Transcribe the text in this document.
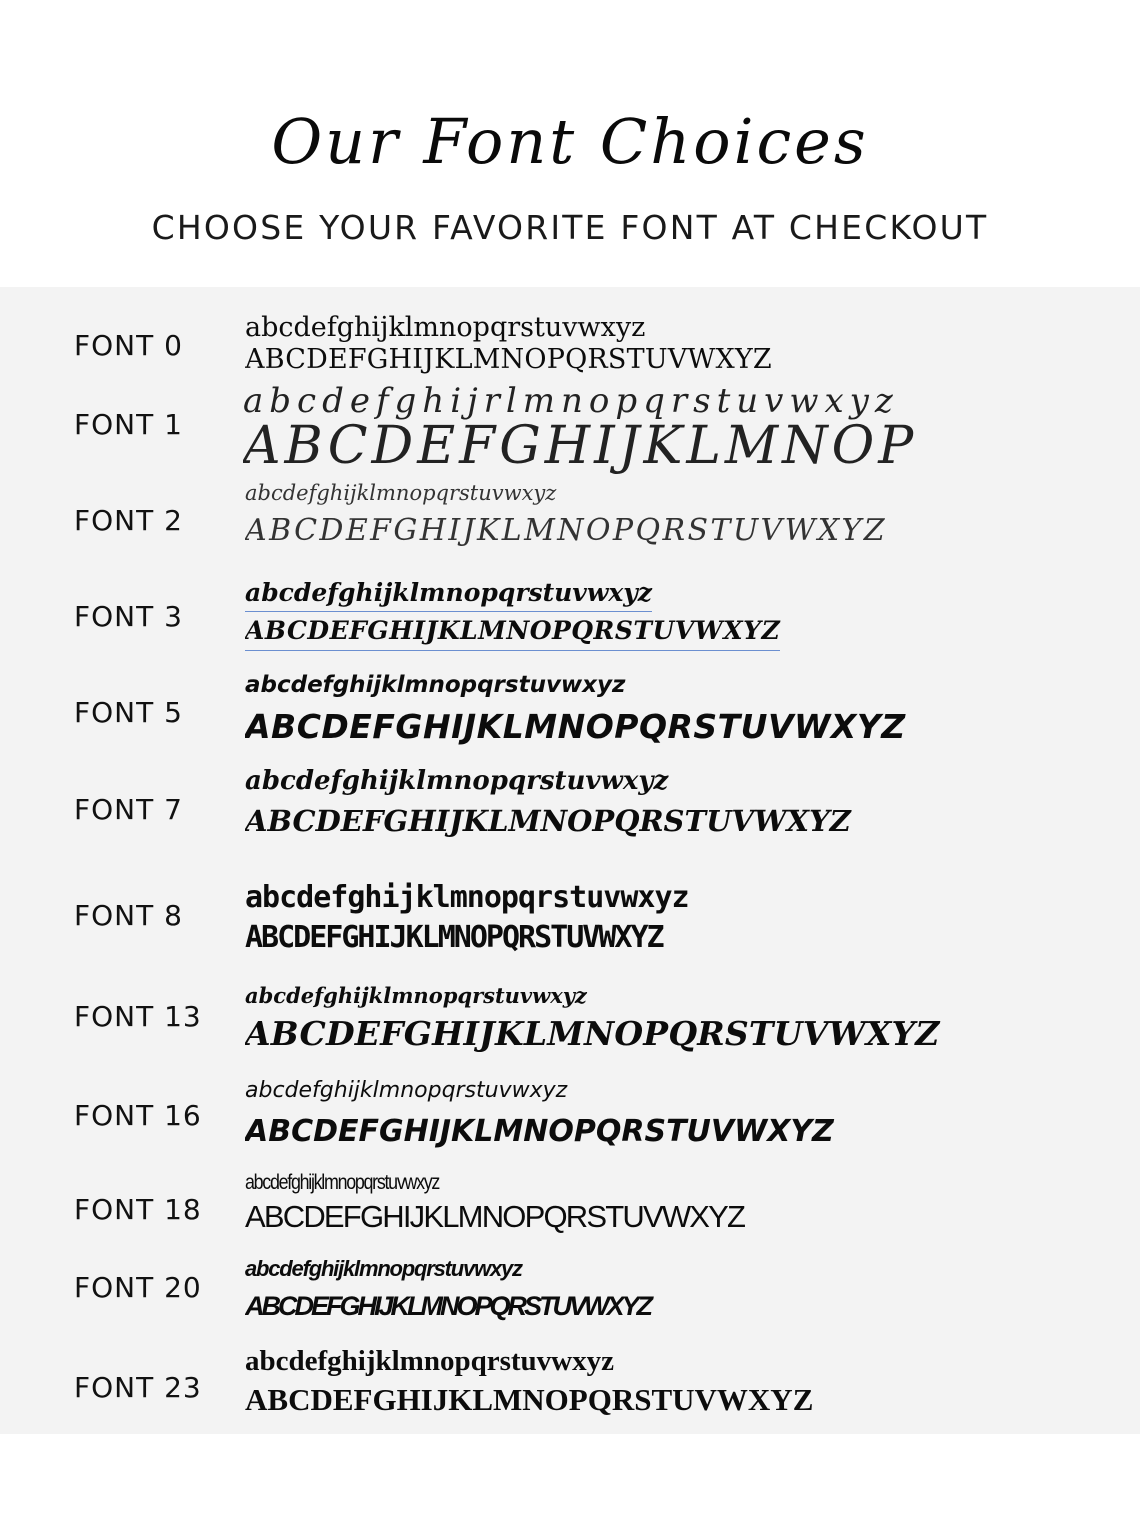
Our Font Choices
CHOOSE YOUR FAVORITE FONT AT CHECKOUT
FONT 0
abcdefghijklmnopqrstuvwxyz
ABCDEFGHIJKLMNOPQRSTUVWXYZ
FONT 1
abcdefghijrlmnopqrstuvwxyz
ABCDEFGHIJKLMNOP
FONT 2
abcdefghijklmnopqrstuvwxyz
ABCDEFGHIJKLMNOPQRSTUVWXYZ
FONT 3
abcdefghijklmnopqrstuvwxyz
ABCDEFGHIJKLMNOPQRSTUVWXYZ
FONT 5
abcdefghijklmnopqrstuvwxyz
ABCDEFGHIJKLMNOPQRSTUVWXYZ
FONT 7
abcdefghijklmnopqrstuvwxyz
ABCDEFGHIJKLMNOPQRSTUVWXYZ
FONT 8
abcdefghijklmnopqrstuvwxyz
ABCDEFGHIJKLMNOPQRSTUVWXYZ
FONT 13
abcdefghijklmnopqrstuvwxyz
ABCDEFGHIJKLMNOPQRSTUVWXYZ
FONT 16
abcdefghijklmnopqrstuvwxyz
ABCDEFGHIJKLMNOPQRSTUVWXYZ
FONT 18
abcdefghijklmnopqrstuvwxyz
ABCDEFGHIJKLMNOPQRSTUVWXYZ
FONT 20
abcdefghijklmnopqrstuvwxyz
ABCDEFGHIJKLMNOPQRSTUVWXYZ
FONT 23
abcdefghijklmnopqrstuvwxyz
ABCDEFGHIJKLMNOPQRSTUVWXYZ
